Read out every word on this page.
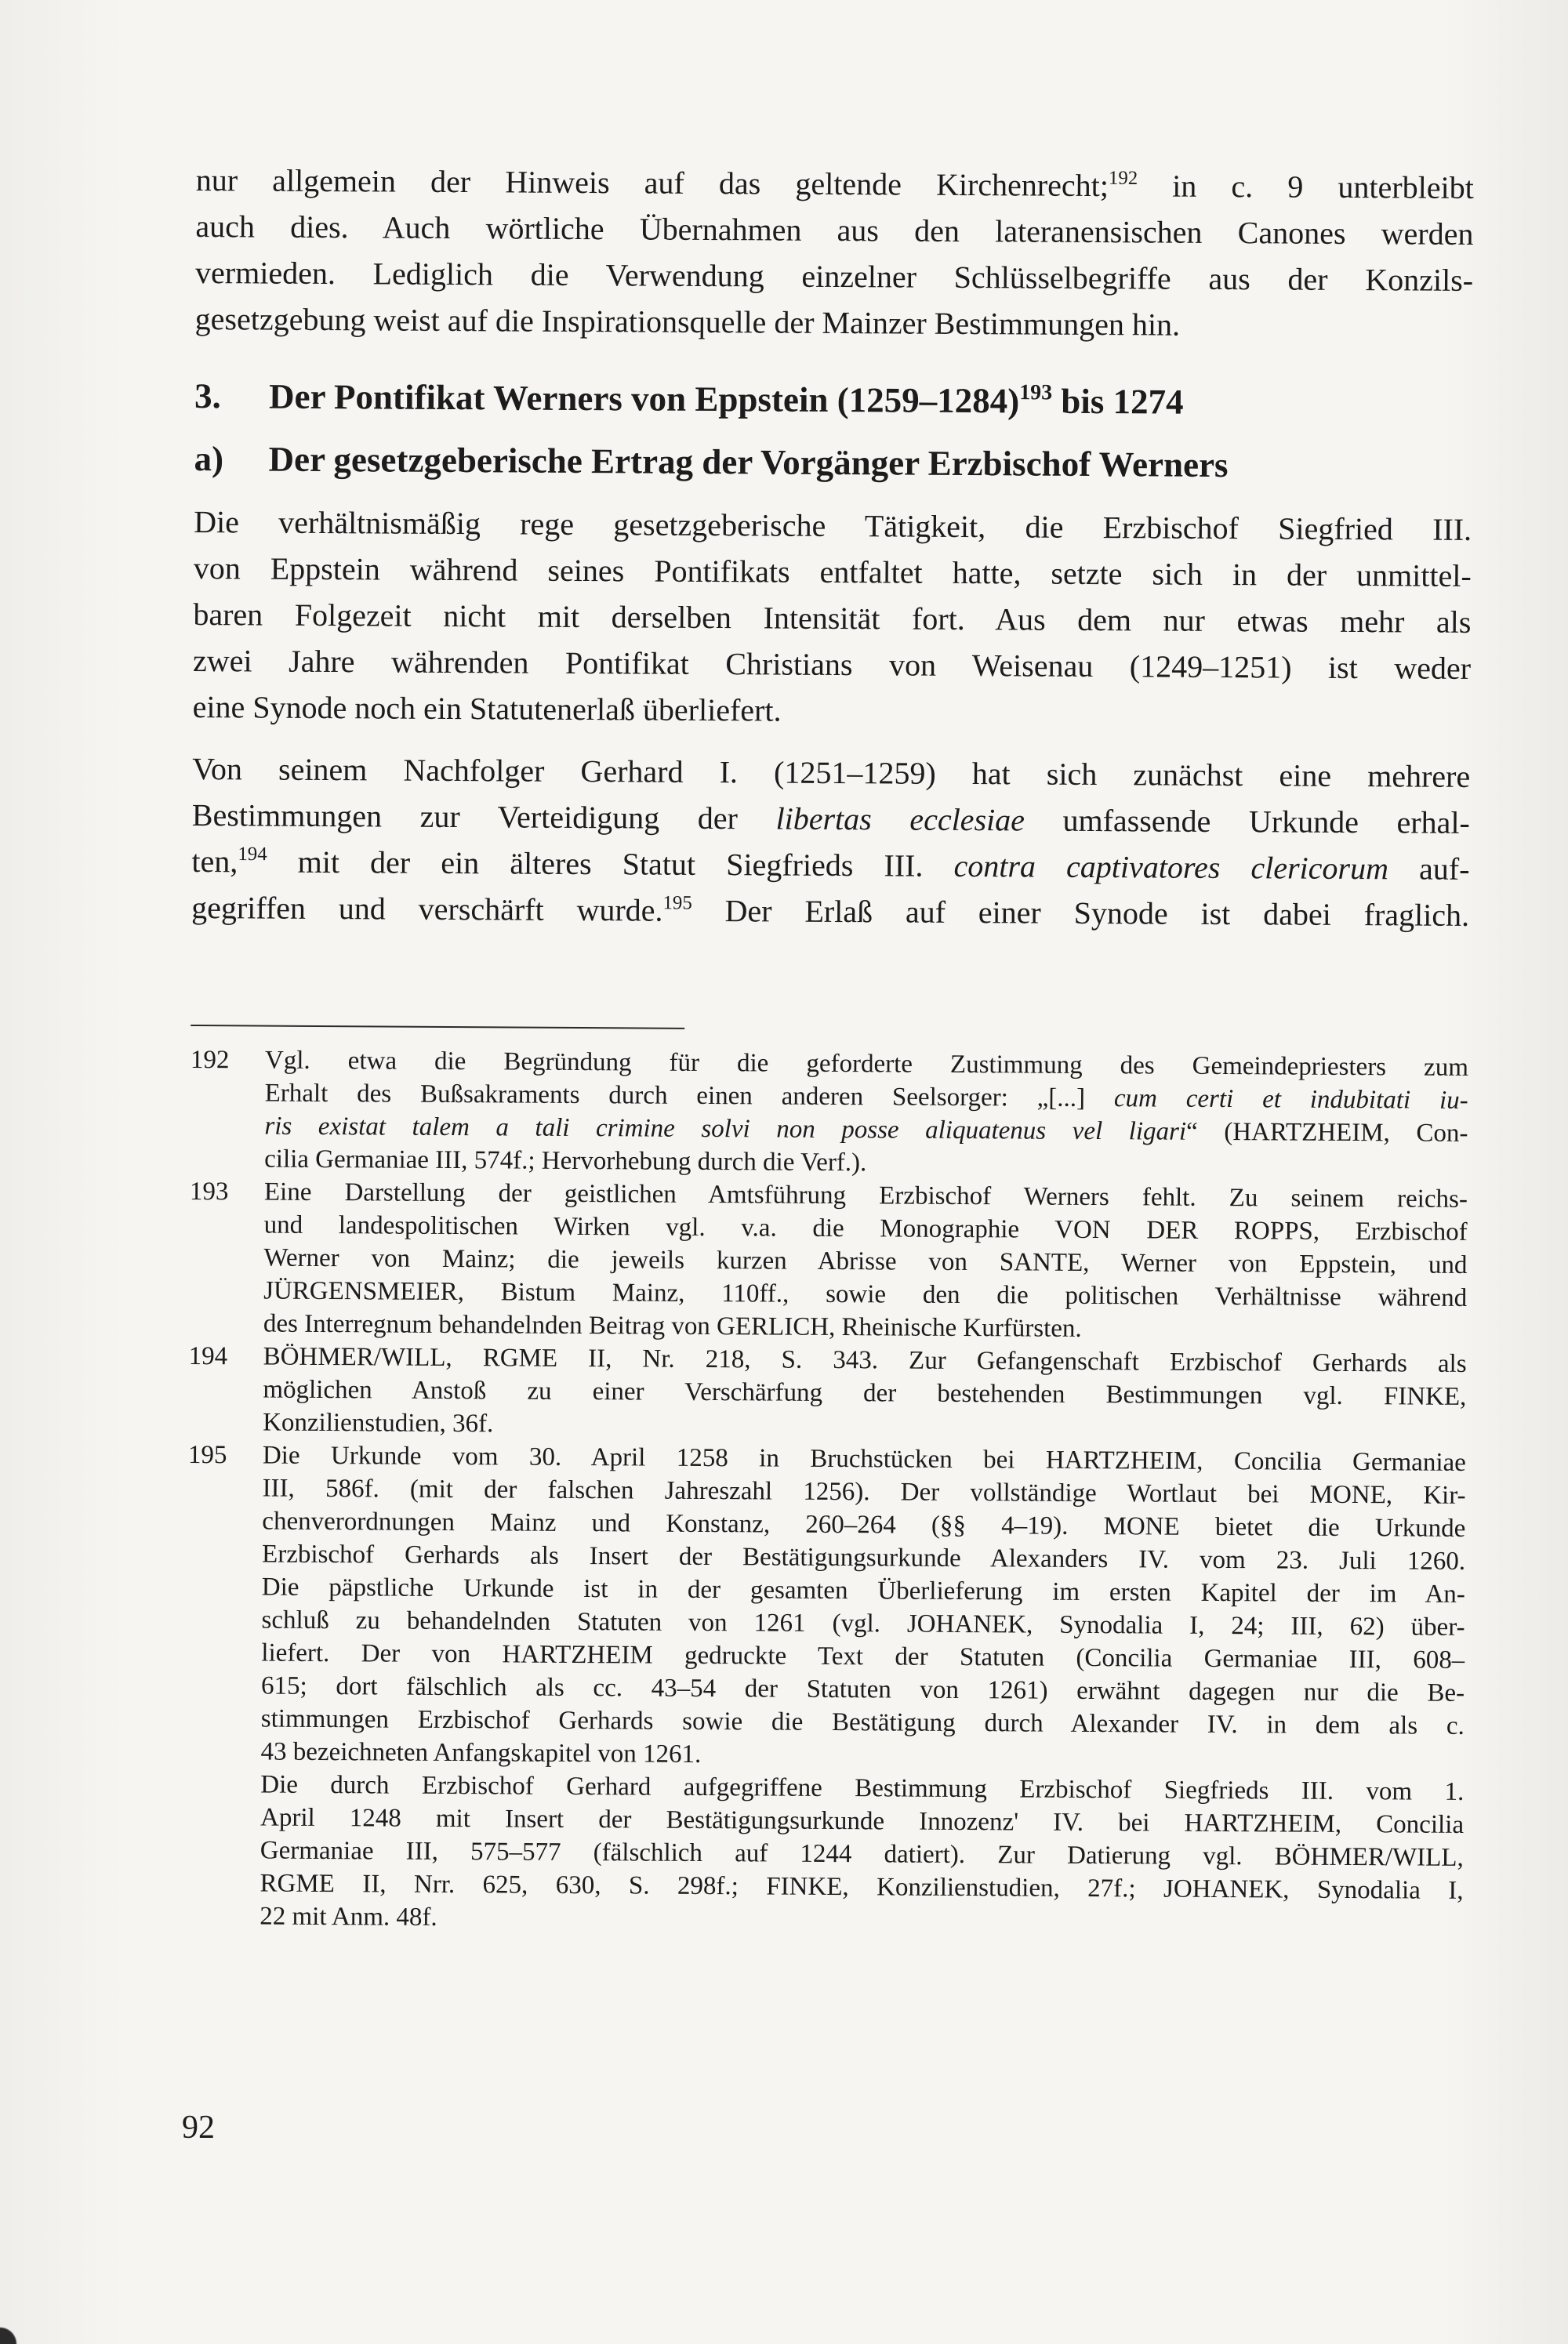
nur allgemein der Hinweis auf das geltende Kirchenrecht;$^{192}$ in c. 9 unterbleibt
auch dies. Auch wörtliche Übernahmen aus den lateranensischen Canones werden
vermieden. Lediglich die Verwendung einzelner Schlüsselbegriffe aus der Konzils-
gesetzgebung weist auf die Inspirationsquelle der Mainzer Bestimmungen hin.
3. Der Pontifikat Werners von Eppstein (1259–1284)$^{193}$ bis 1274
a) Der gesetzgeberische Ertrag der Vorgänger Erzbischof Werners
Die verhältnismäßig rege gesetzgeberische Tätigkeit, die Erzbischof Siegfried III.
von Eppstein während seines Pontifikats entfaltet hatte, setzte sich in der unmittel-
baren Folgezeit nicht mit derselben Intensität fort. Aus dem nur etwas mehr als
zwei Jahre währenden Pontifikat Christians von Weisenau (1249–1251) ist weder
eine Synode noch ein Statutenerlaß überliefert.
Von seinem Nachfolger Gerhard I. (1251–1259) hat sich zunächst eine mehrere
Bestimmungen zur Verteidigung der libertas ecclesiae umfassende Urkunde erhal-
ten,$^{194}$ mit der ein älteres Statut Siegfrieds III. contra captivatores clericorum auf-
gegriffen und verschärft wurde.$^{195}$ Der Erlaß auf einer Synode ist dabei fraglich.
192	Vgl. etwa die Begründung für die geforderte Zustimmung des Gemeindepriesters zum
Erhalt des Bußsakraments durch einen anderen Seelsorger: „[...] cum certi et indubitati iu-
ris existat talem a tali crimine solvi non posse aliquatenus vel ligari“ (HARTZHEIM, Con-
cilia Germaniae III, 574f.; Hervorhebung durch die Verf.).
193	Eine Darstellung der geistlichen Amtsführung Erzbischof Werners fehlt. Zu seinem reichs-
und landespolitischen Wirken vgl. v.a. die Monographie VON DER ROPPS, Erzbischof
Werner von Mainz; die jeweils kurzen Abrisse von SANTE, Werner von Eppstein, und
JÜRGENSMEIER, Bistum Mainz, 110ff., sowie den die politischen Verhältnisse während
des Interregnum behandelnden Beitrag von GERLICH, Rheinische Kurfürsten.
194	BÖHMER/WILL, RGME II, Nr. 218, S. 343. Zur Gefangenschaft Erzbischof Gerhards als
möglichen Anstoß zu einer Verschärfung der bestehenden Bestimmungen vgl. FINKE,
Konzilienstudien, 36f.
195	Die Urkunde vom 30. April 1258 in Bruchstücken bei HARTZHEIM, Concilia Germaniae
III, 586f. (mit der falschen Jahreszahl 1256). Der vollständige Wortlaut bei MONE, Kir-
chenverordnungen Mainz und Konstanz, 260–264 (§§ 4–19). MONE bietet die Urkunde
Erzbischof Gerhards als Insert der Bestätigungsurkunde Alexanders IV. vom 23. Juli 1260.
Die päpstliche Urkunde ist in der gesamten Überlieferung im ersten Kapitel der im An-
schluß zu behandelnden Statuten von 1261 (vgl. JOHANEK, Synodalia I, 24; III, 62) über-
liefert. Der von HARTZHEIM gedruckte Text der Statuten (Concilia Germaniae III, 608–
615; dort fälschlich als cc. 43–54 der Statuten von 1261) erwähnt dagegen nur die Be-
stimmungen Erzbischof Gerhards sowie die Bestätigung durch Alexander IV. in dem als c.
43 bezeichneten Anfangskapitel von 1261.
Die durch Erzbischof Gerhard aufgegriffene Bestimmung Erzbischof Siegfrieds III. vom 1.
April 1248 mit Insert der Bestätigungsurkunde Innozenz' IV. bei HARTZHEIM, Concilia
Germaniae III, 575–577 (fälschlich auf 1244 datiert). Zur Datierung vgl. BÖHMER/WILL,
RGME II, Nrr. 625, 630, S. 298f.; FINKE, Konzilienstudien, 27f.; JOHANEK, Synodalia I,
22 mit Anm. 48f.
92
